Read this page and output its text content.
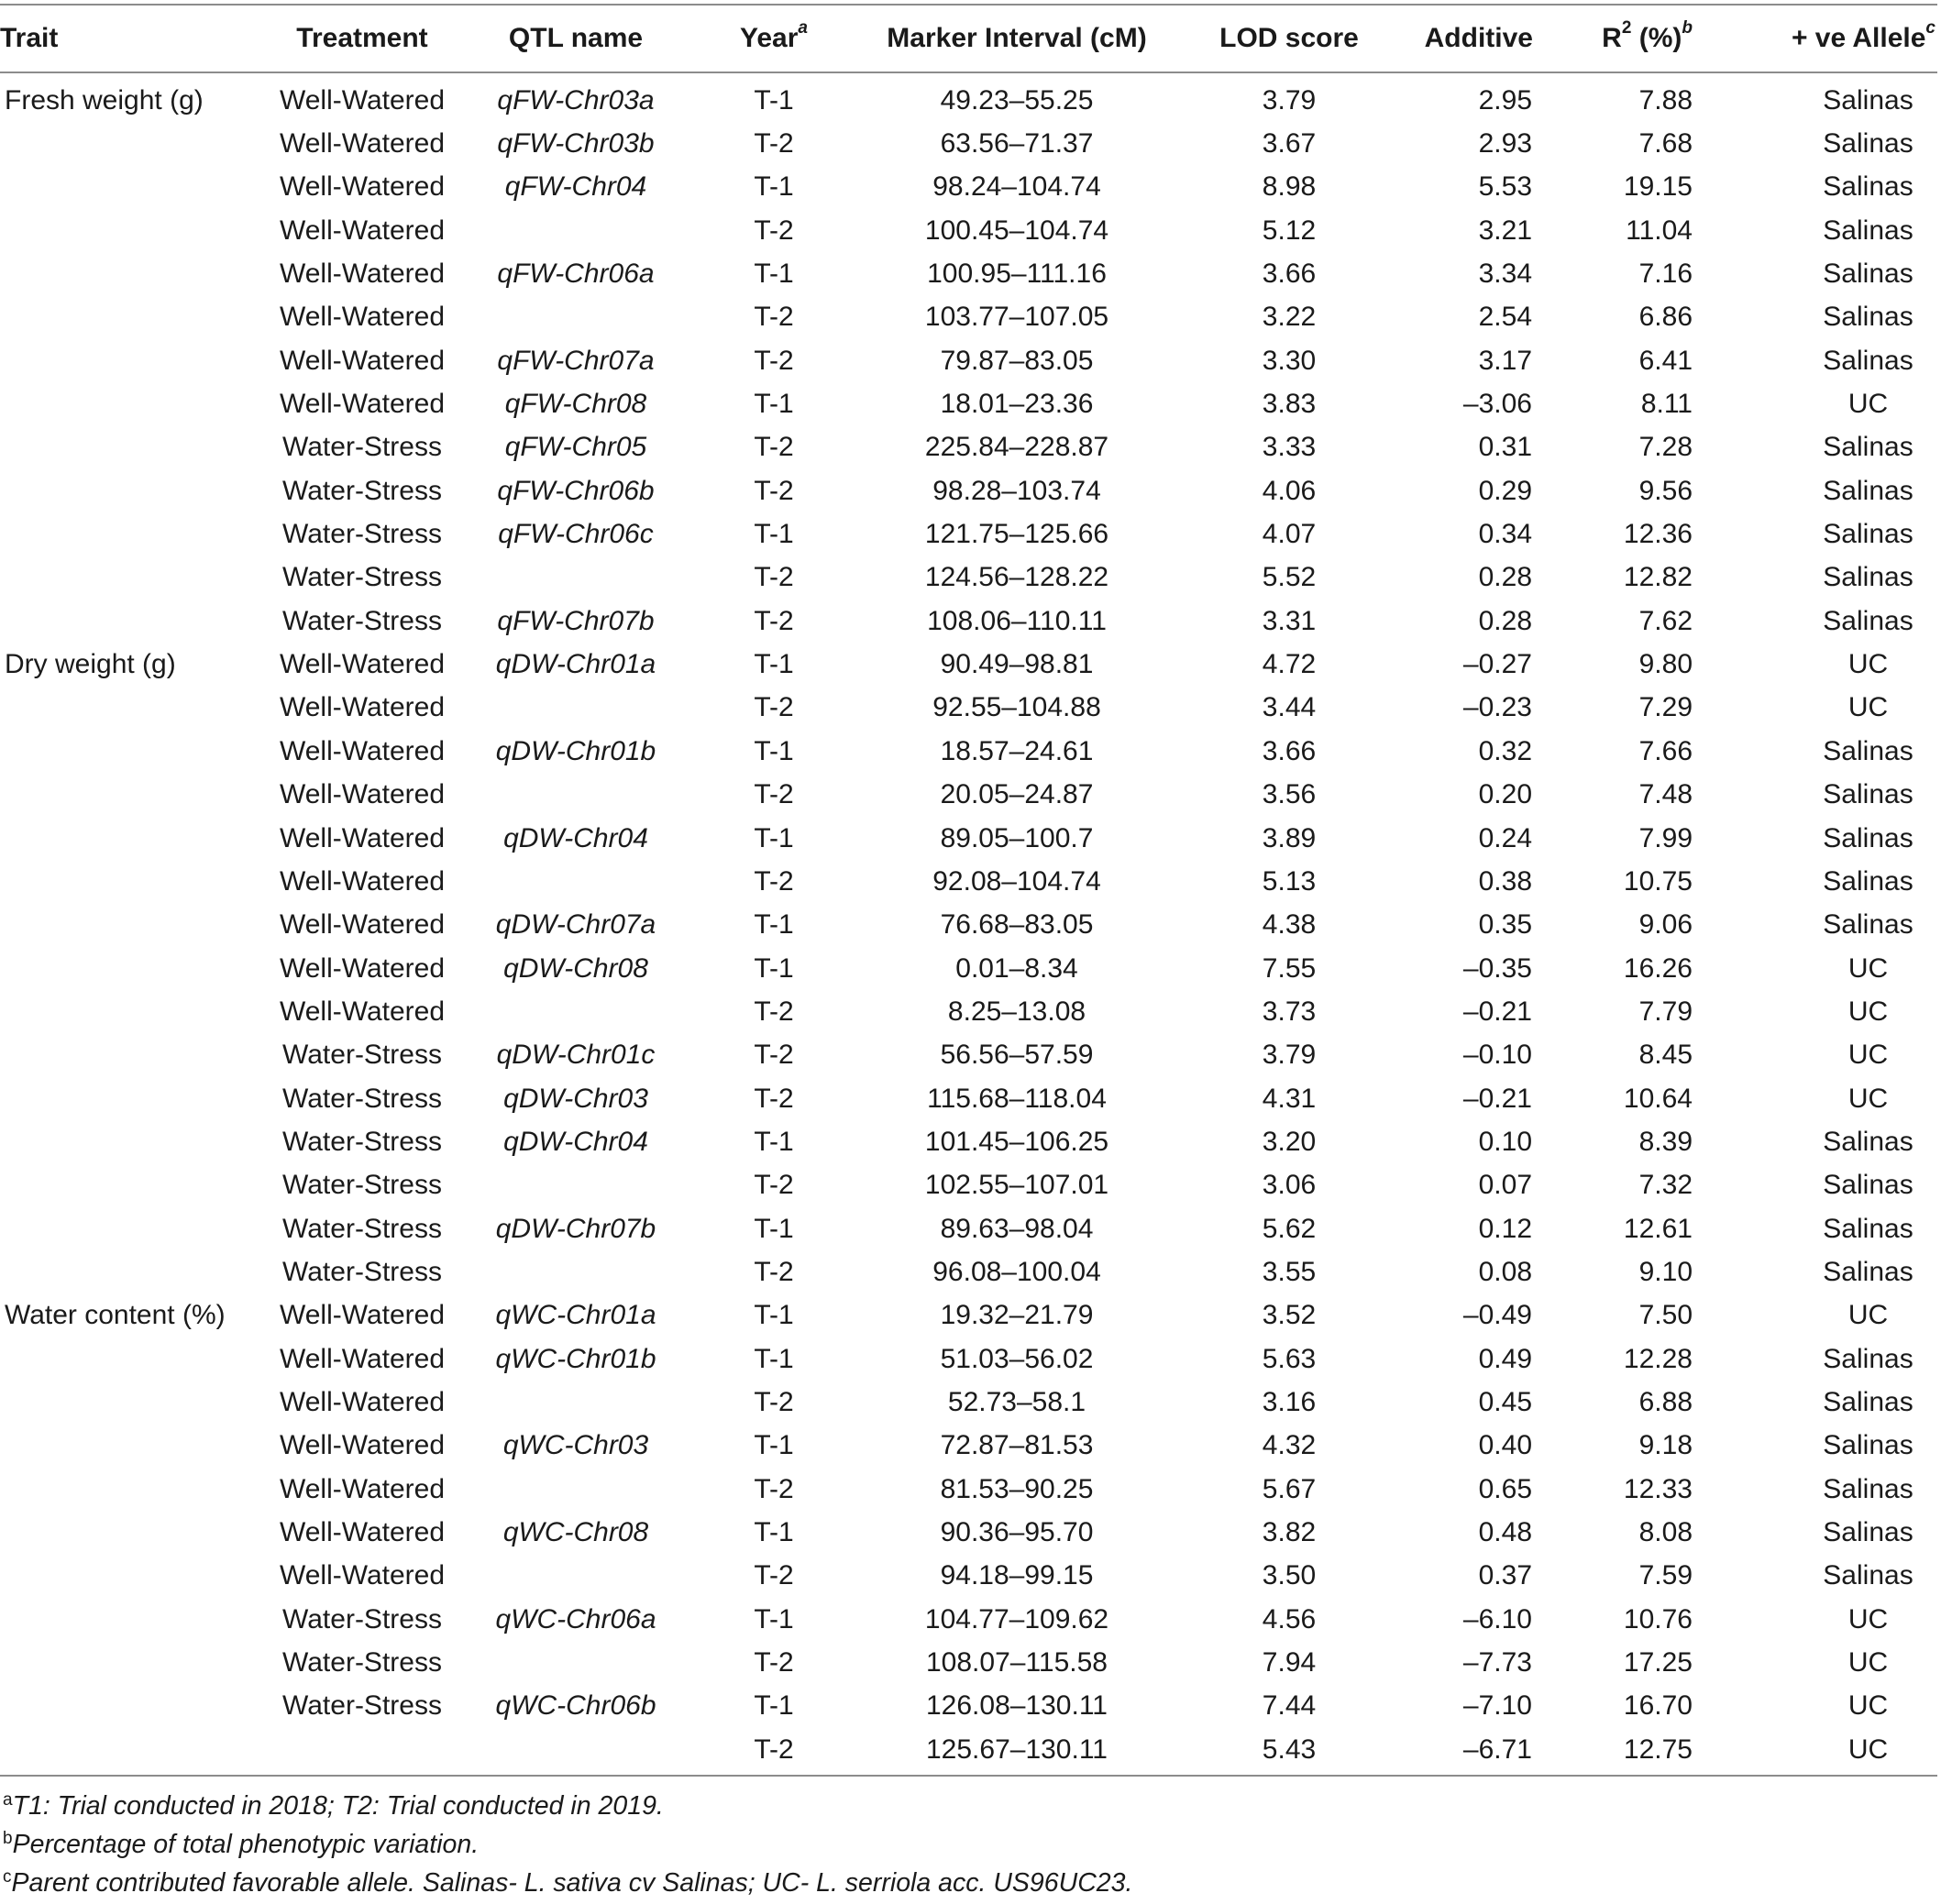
Trait	Treatment	QTL name	Year$^a$	Marker Interval (cM)	LOD score	Additive	$R^2$ (%)$^b$	+ ve Allele$^c$
Fresh weight (g)	Well-Watered	qFW-Chr03a	T-1	49.23–55.25	3.79	2.95	7.88	Salinas
	Well-Watered	qFW-Chr03b	T-2	63.56–71.37	3.67	2.93	7.68	Salinas
	Well-Watered	qFW-Chr04	T-1	98.24–104.74	8.98	5.53	19.15	Salinas
	Well-Watered		T-2	100.45–104.74	5.12	3.21	11.04	Salinas
	Well-Watered	qFW-Chr06a	T-1	100.95–111.16	3.66	3.34	7.16	Salinas
	Well-Watered		T-2	103.77–107.05	3.22	2.54	6.86	Salinas
	Well-Watered	qFW-Chr07a	T-2	79.87–83.05	3.30	3.17	6.41	Salinas
	Well-Watered	qFW-Chr08	T-1	18.01–23.36	3.83	–3.06	8.11	UC
	Water-Stress	qFW-Chr05	T-2	225.84–228.87	3.33	0.31	7.28	Salinas
	Water-Stress	qFW-Chr06b	T-2	98.28–103.74	4.06	0.29	9.56	Salinas
	Water-Stress	qFW-Chr06c	T-1	121.75–125.66	4.07	0.34	12.36	Salinas
	Water-Stress		T-2	124.56–128.22	5.52	0.28	12.82	Salinas
	Water-Stress	qFW-Chr07b	T-2	108.06–110.11	3.31	0.28	7.62	Salinas
Dry weight (g)	Well-Watered	qDW-Chr01a	T-1	90.49–98.81	4.72	–0.27	9.80	UC
	Well-Watered		T-2	92.55–104.88	3.44	–0.23	7.29	UC
	Well-Watered	qDW-Chr01b	T-1	18.57–24.61	3.66	0.32	7.66	Salinas
	Well-Watered		T-2	20.05–24.87	3.56	0.20	7.48	Salinas
	Well-Watered	qDW-Chr04	T-1	89.05–100.7	3.89	0.24	7.99	Salinas
	Well-Watered		T-2	92.08–104.74	5.13	0.38	10.75	Salinas
	Well-Watered	qDW-Chr07a	T-1	76.68–83.05	4.38	0.35	9.06	Salinas
	Well-Watered	qDW-Chr08	T-1	0.01–8.34	7.55	–0.35	16.26	UC
	Well-Watered		T-2	8.25–13.08	3.73	–0.21	7.79	UC
	Water-Stress	qDW-Chr01c	T-2	56.56–57.59	3.79	–0.10	8.45	UC
	Water-Stress	qDW-Chr03	T-2	115.68–118.04	4.31	–0.21	10.64	UC
	Water-Stress	qDW-Chr04	T-1	101.45–106.25	3.20	0.10	8.39	Salinas
	Water-Stress		T-2	102.55–107.01	3.06	0.07	7.32	Salinas
	Water-Stress	qDW-Chr07b	T-1	89.63–98.04	5.62	0.12	12.61	Salinas
	Water-Stress		T-2	96.08–100.04	3.55	0.08	9.10	Salinas
Water content (%)	Well-Watered	qWC-Chr01a	T-1	19.32–21.79	3.52	–0.49	7.50	UC
	Well-Watered	qWC-Chr01b	T-1	51.03–56.02	5.63	0.49	12.28	Salinas
	Well-Watered		T-2	52.73–58.1	3.16	0.45	6.88	Salinas
	Well-Watered	qWC-Chr03	T-1	72.87–81.53	4.32	0.40	9.18	Salinas
	Well-Watered		T-2	81.53–90.25	5.67	0.65	12.33	Salinas
	Well-Watered	qWC-Chr08	T-1	90.36–95.70	3.82	0.48	8.08	Salinas
	Well-Watered		T-2	94.18–99.15	3.50	0.37	7.59	Salinas
	Water-Stress	qWC-Chr06a	T-1	104.77–109.62	4.56	–6.10	10.76	UC
	Water-Stress		T-2	108.07–115.58	7.94	–7.73	17.25	UC
	Water-Stress	qWC-Chr06b	T-1	126.08–130.11	7.44	–7.10	16.70	UC
			T-2	125.67–130.11	5.43	–6.71	12.75	UC
$^a$T1: Trial conducted in 2018; T2: Trial conducted in 2019.
$^b$Percentage of total phenotypic variation.
$^c$Parent contributed favorable allele. Salinas- L. sativa cv Salinas; UC- L. serriola acc. US96UC23.
